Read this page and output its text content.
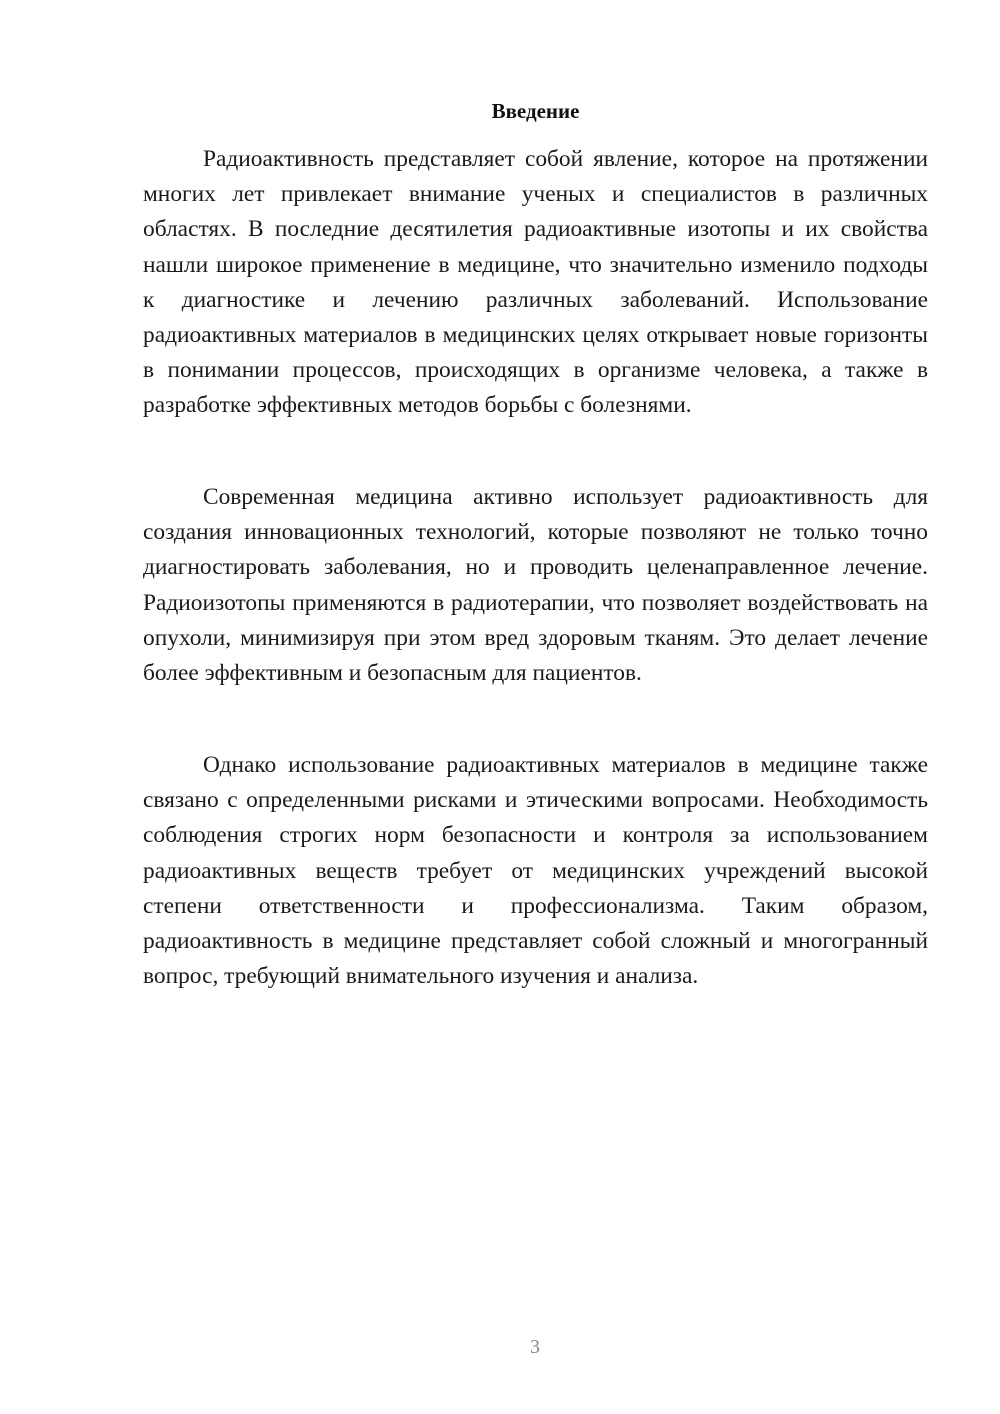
Введение

Радиоактивность представляет собой явление, которое на протяжении многих лет привлекает внимание ученых и специалистов в различных областях. В последние десятилетия радиоактивные изотопы и их свойства нашли широкое применение в медицине, что значительно изменило подходы к диагностике и лечению различных заболеваний. Использование радиоактивных материалов в медицинских целях открывает новые горизонты в понимании процессов, происходящих в организме человека, а также в разработке эффективных методов борьбы с болезнями.

Современная медицина активно использует радиоактивность для создания инновационных технологий, которые позволяют не только точно диагностировать заболевания, но и проводить целенаправленное лечение. Радиоизотопы применяются в радиотерапии, что позволяет воздействовать на опухоли, минимизируя при этом вред здоровым тканям. Это делает лечение более эффективным и безопасным для пациентов.

Однако использование радиоактивных материалов в медицине также связано с определенными рисками и этическими вопросами. Необходимость соблюдения строгих норм безопасности и контроля за использованием радиоактивных веществ требует от медицинских учреждений высокой степени ответственности и профессионализма. Таким образом, радиоактивность в медицине представляет собой сложный и многогранный вопрос, требующий внимательного изучения и анализа.

3
